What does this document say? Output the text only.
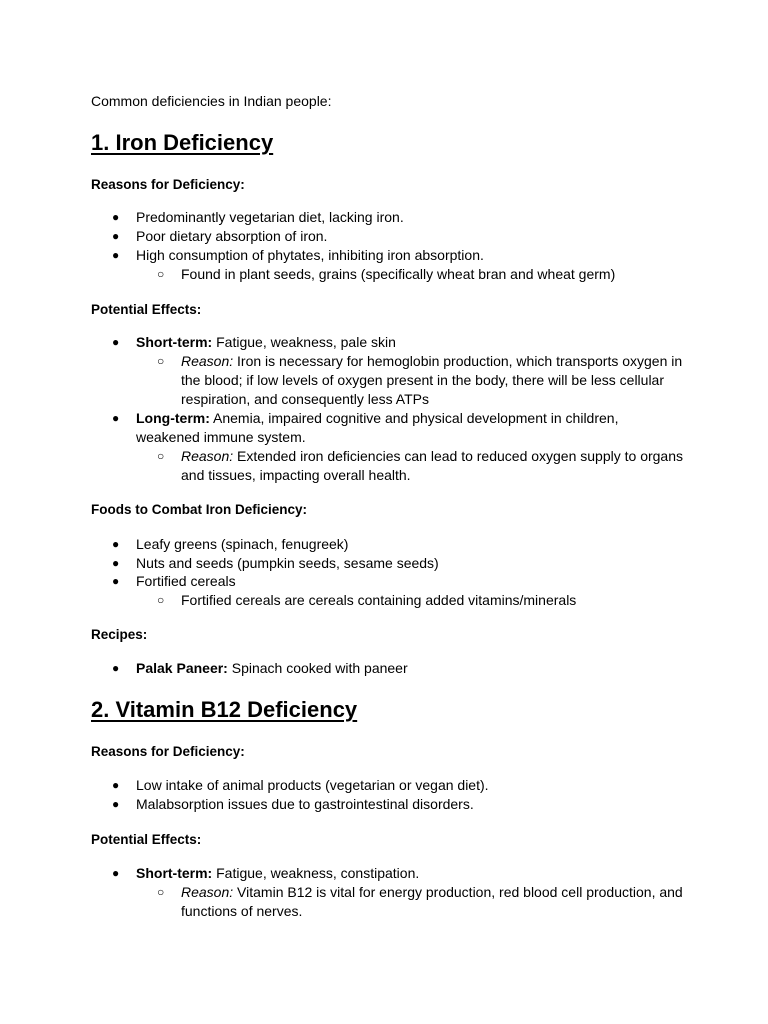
Common deficiencies in Indian people:
1. Iron Deficiency
Reasons for Deficiency:
● Predominantly vegetarian diet, lacking iron.
● Poor dietary absorption of iron.
● High consumption of phytates, inhibiting iron absorption.
○ Found in plant seeds, grains (specifically wheat bran and wheat germ)
Potential Effects:
● Short-term: Fatigue, weakness, pale skin
○ Reason: Iron is necessary for hemoglobin production, which transports oxygen in
the blood; if low levels of oxygen present in the body, there will be less cellular
respiration, and consequently less ATPs
● Long-term: Anemia, impaired cognitive and physical development in children,
weakened immune system.
○ Reason: Extended iron deficiencies can lead to reduced oxygen supply to organs
and tissues, impacting overall health.
Foods to Combat Iron Deficiency:
● Leafy greens (spinach, fenugreek)
● Nuts and seeds (pumpkin seeds, sesame seeds)
● Fortified cereals
○ Fortified cereals are cereals containing added vitamins/minerals
Recipes:
● Palak Paneer: Spinach cooked with paneer
2. Vitamin B12 Deficiency
Reasons for Deficiency:
● Low intake of animal products (vegetarian or vegan diet).
● Malabsorption issues due to gastrointestinal disorders.
Potential Effects:
● Short-term: Fatigue, weakness, constipation.
○ Reason: Vitamin B12 is vital for energy production, red blood cell production, and
functions of nerves.
